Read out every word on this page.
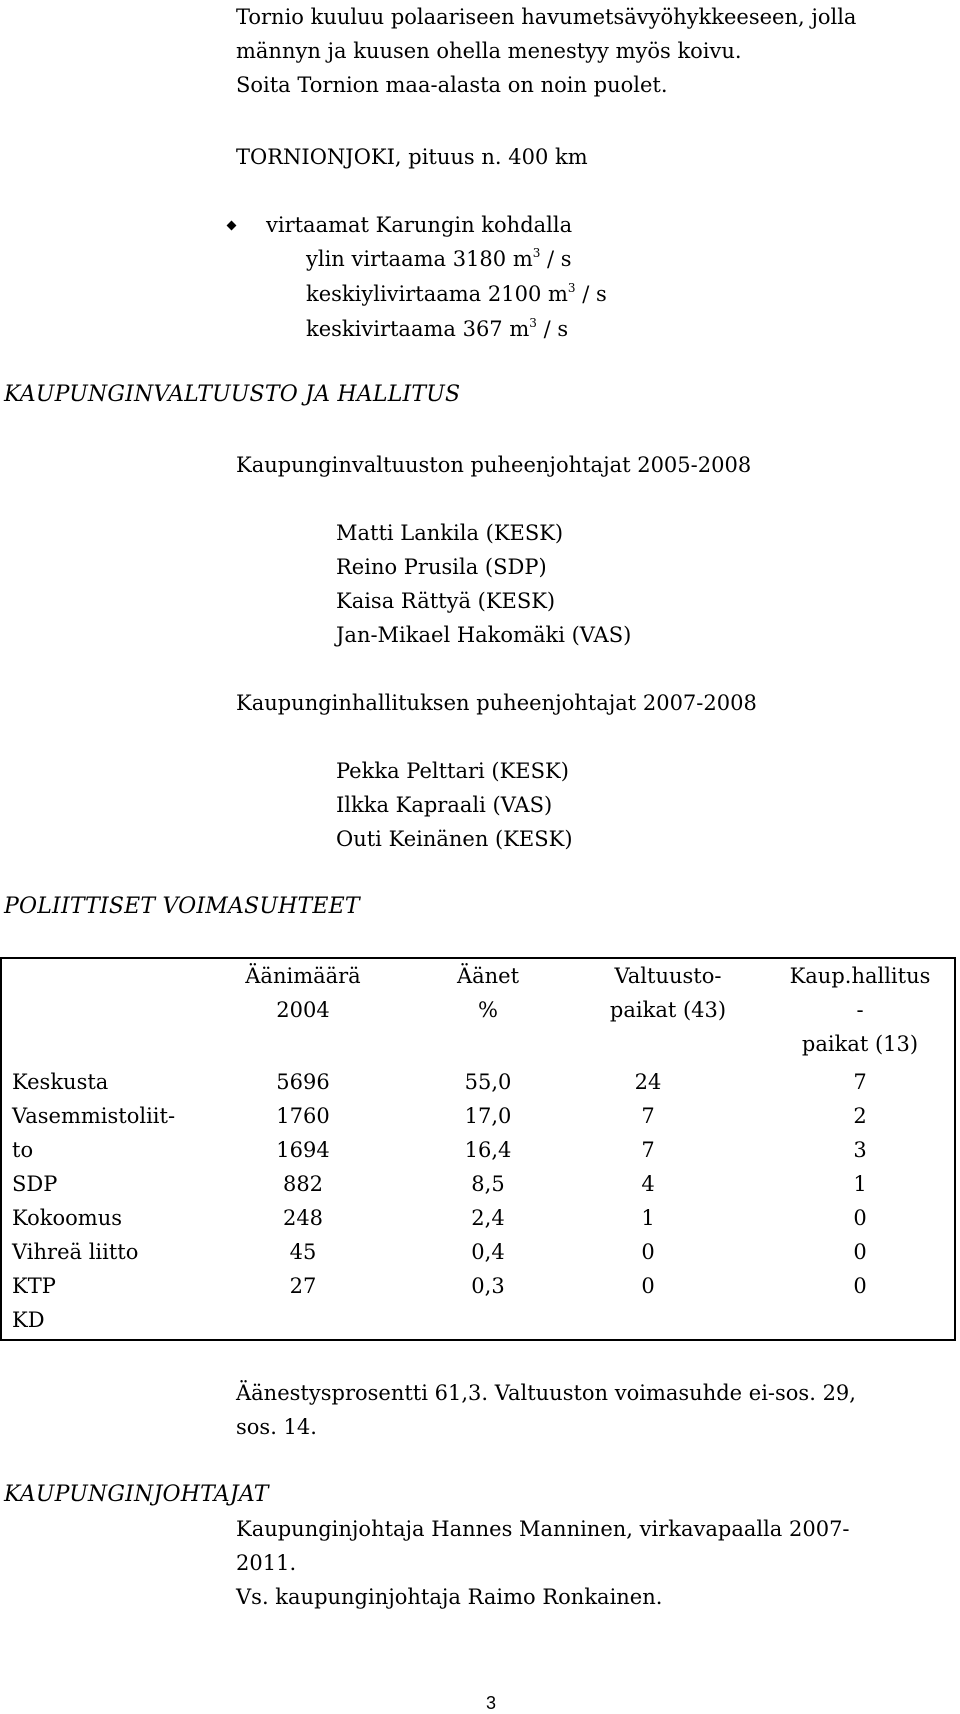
Tornio kuuluu polaariseen havumetsävyöhykkeeseen, jolla
männyn ja kuusen ohella menestyy myös koivu.
Soita Tornion maa-alasta on noin puolet.
TORNIONJOKI, pituus n. 400 km
virtaamat Karungin kohdalla
ylin virtaama 3180 $m^3$ / s
keskiylivirtaama 2100 $m^3$ / s
keskivirtaama 367 $m^3$ / s
KAUPUNGINVALTUUSTO JA HALLITUS
Kaupunginvaltuuston puheenjohtajat 2005-2008
Matti Lankila (KESK)
Reino Prusila (SDP)
Kaisa Rättyä (KESK)
Jan-Mikael Hakomäki (VAS)
Kaupunginhallituksen puheenjohtajat 2007-2008
Pekka Pelttari (KESK)
Ilkka Kapraali (VAS)
Outi Keinänen (KESK)
POLIITTISET VOIMASUHTEET
Äänimäärä
2004
Äänet
%
Valtuusto-
paikat (43)
Kaup.hallitus
-
paikat (13)
Keskusta
Vasemmistoliit-
to
SDP
Kokoomus
Vihreä liitto
KTP
KD
5696
1760
1694
882
248
45
27
55,0
17,0
16,4
8,5
2,4
0,4
0,3
24
7
7
4
1
0
0
7
2
3
1
0
0
0
Äänestysprosentti 61,3. Valtuuston voimasuhde ei-sos. 29,
sos. 14.
KAUPUNGINJOHTAJAT
Kaupunginjohtaja Hannes Manninen, virkavapaalla 2007-
2011.
Vs. kaupunginjohtaja Raimo Ronkainen.
3
